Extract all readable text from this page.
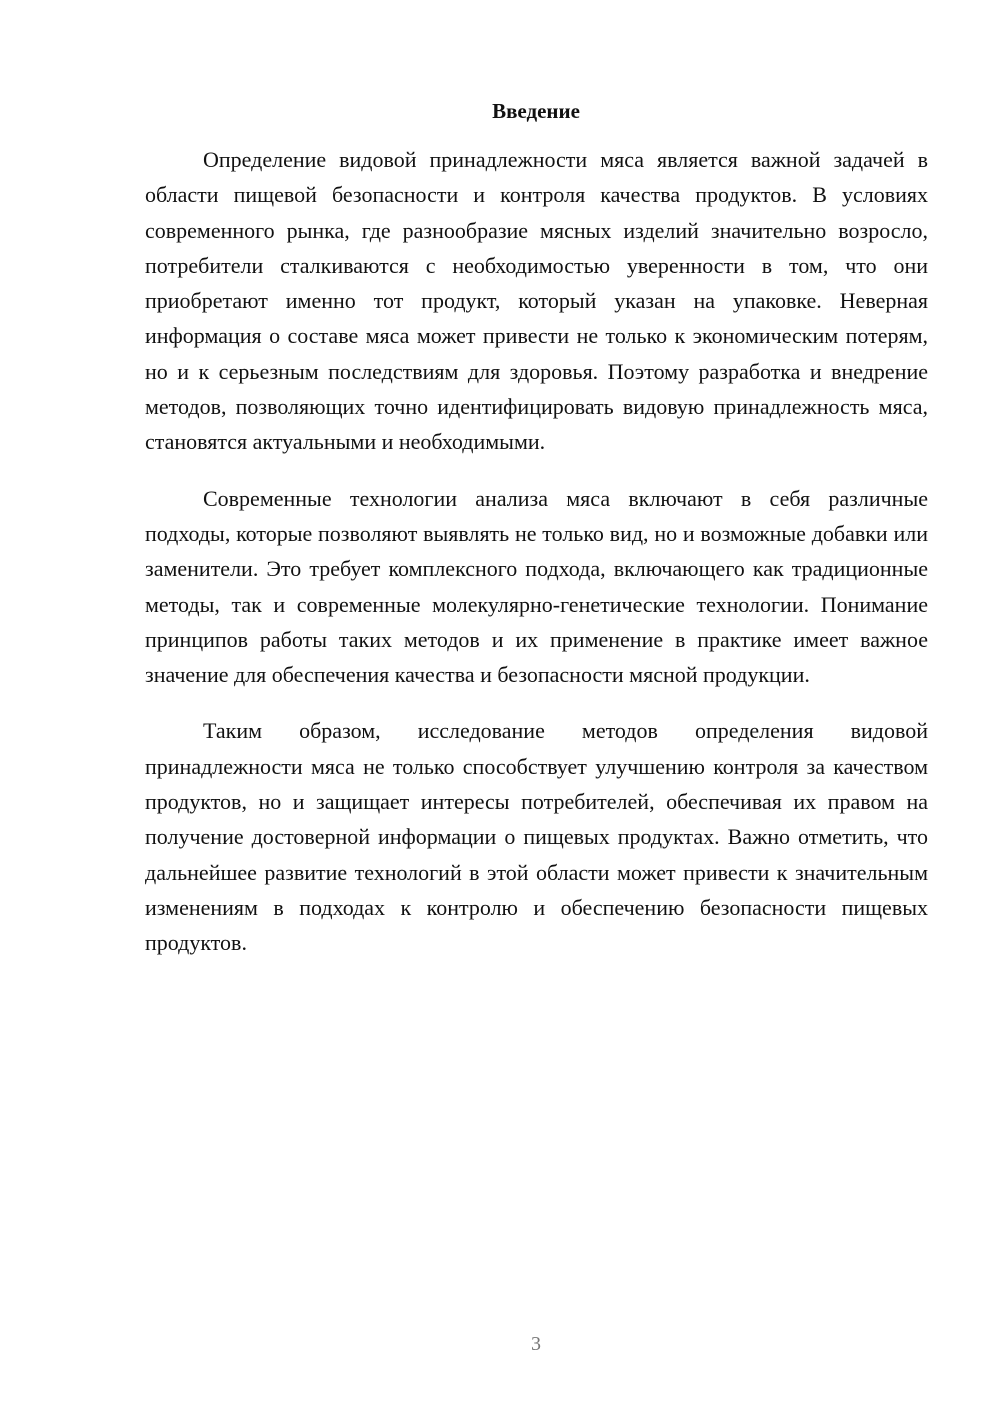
Введение

Определение видовой принадлежности мяса является важной задачей в области пищевой безопасности и контроля качества продуктов. В условиях современного рынка, где разнообразие мясных изделий значительно возросло, потребители сталкиваются с необходимостью уверенности в том, что они приобретают именно тот продукт, который указан на упаковке. Неверная информация о составе мяса может привести не только к экономическим потерям, но и к серьезным последствиям для здоровья. Поэтому разработка и внедрение методов, позволяющих точно идентифицировать видовую принадлежность мяса, становятся актуальными и необходимыми.

Современные технологии анализа мяса включают в себя различные подходы, которые позволяют выявлять не только вид, но и возможные добавки или заменители. Это требует комплексного подхода, включающего как традиционные методы, так и современные молекулярно-генетические технологии. Понимание принципов работы таких методов и их применение в практике имеет важное значение для обеспечения качества и безопасности мясной продукции.

Таким образом, исследование методов определения видовой принадлежности мяса не только способствует улучшению контроля за качеством продуктов, но и защищает интересы потребителей, обеспечивая их правом на получение достоверной информации о пищевых продуктах. Важно отметить, что дальнейшее развитие технологий в этой области может привести к значительным изменениям в подходах к контролю и обеспечению безопасности пищевых продуктов.

3
